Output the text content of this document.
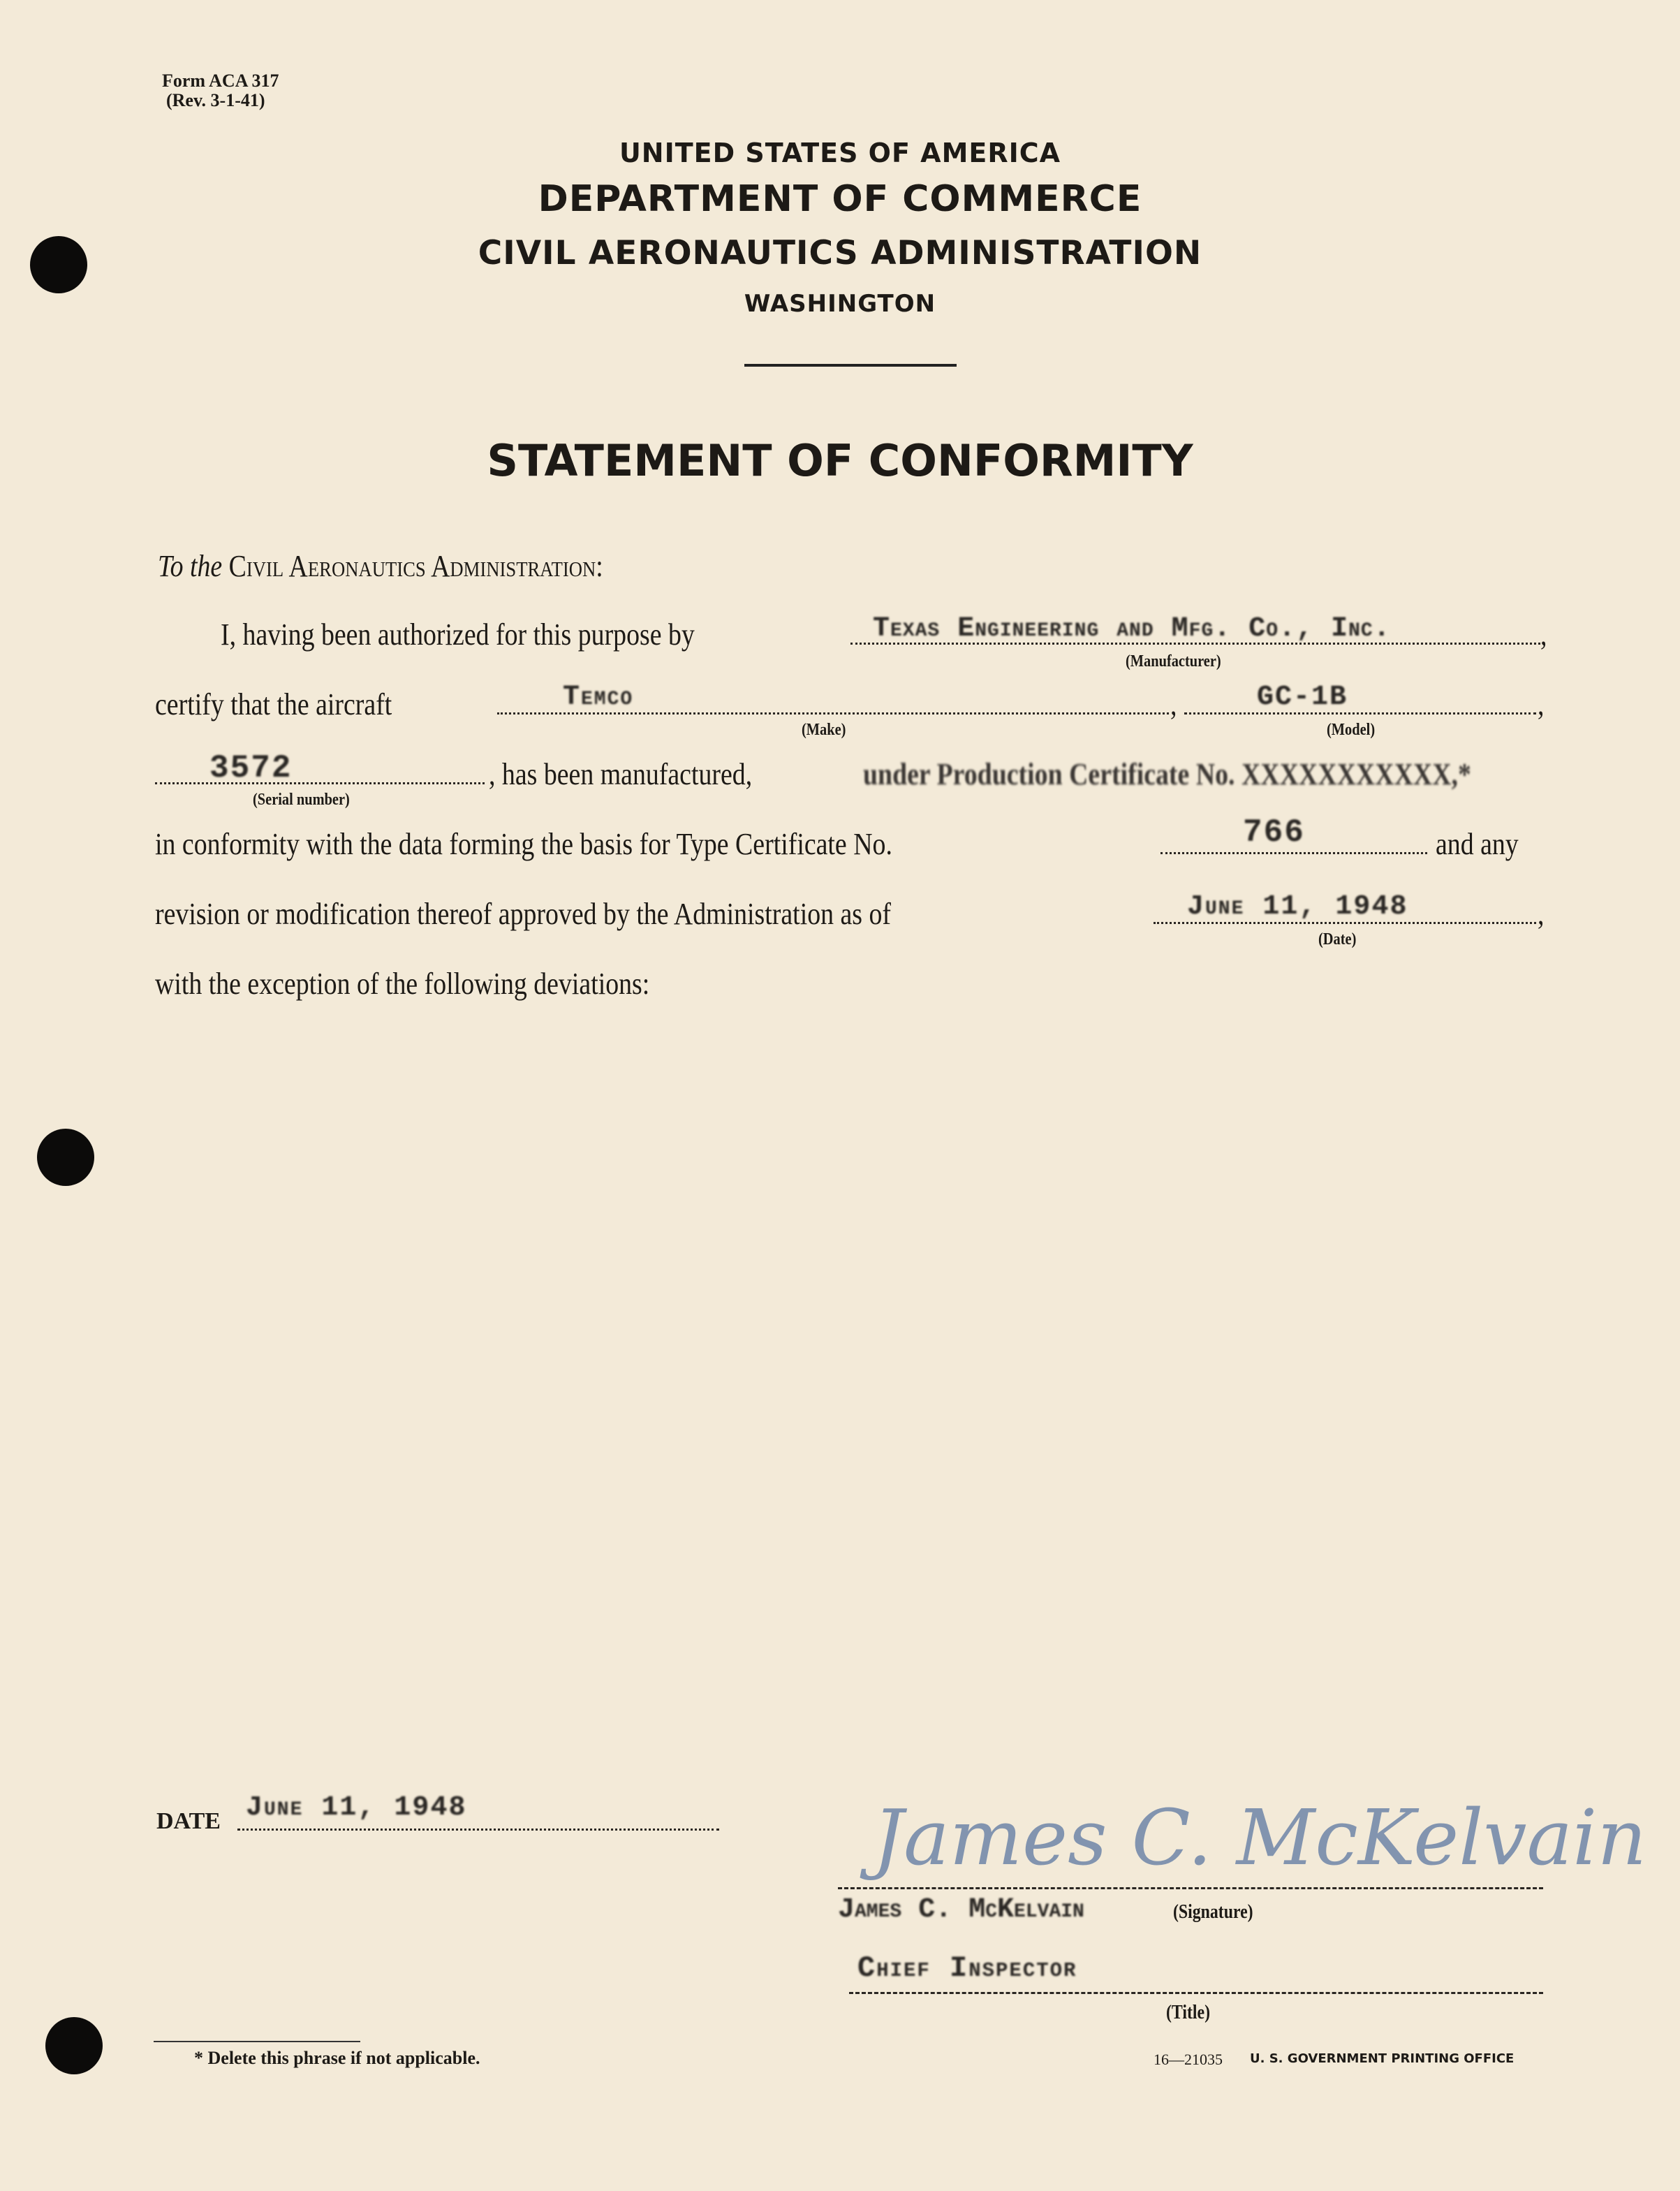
Form ACA 317
(Rev. 3-1-41)
UNITED STATES OF AMERICA
DEPARTMENT OF COMMERCE
CIVIL AERONAUTICS ADMINISTRATION
WASHINGTON
STATEMENT OF CONFORMITY
To the Civil Aeronautics Administration:
I, having been authorized for this purpose by	Texas Engineering and Mfg. Co., Inc.	,
(Manufacturer)
certify that the aircraft	Temco	,	GC-1B	,
(Make)	(Model)
3572	, has been manufactured,	under Production Certificate No. XXXXXXXXXXX,*
(Serial number)
in conformity with the data forming the basis for Type Certificate No.	766	and any
revision or modification thereof approved by the Administration as of	June 11, 1948	,
(Date)
with the exception of the following deviations:
DATE June 11, 1948	James C. McKelvain
James C. McKelvain	(Signature)
Chief Inspector
(Title)
* Delete this phrase if not applicable.	16—21035 U. S. GOVERNMENT PRINTING OFFICE
